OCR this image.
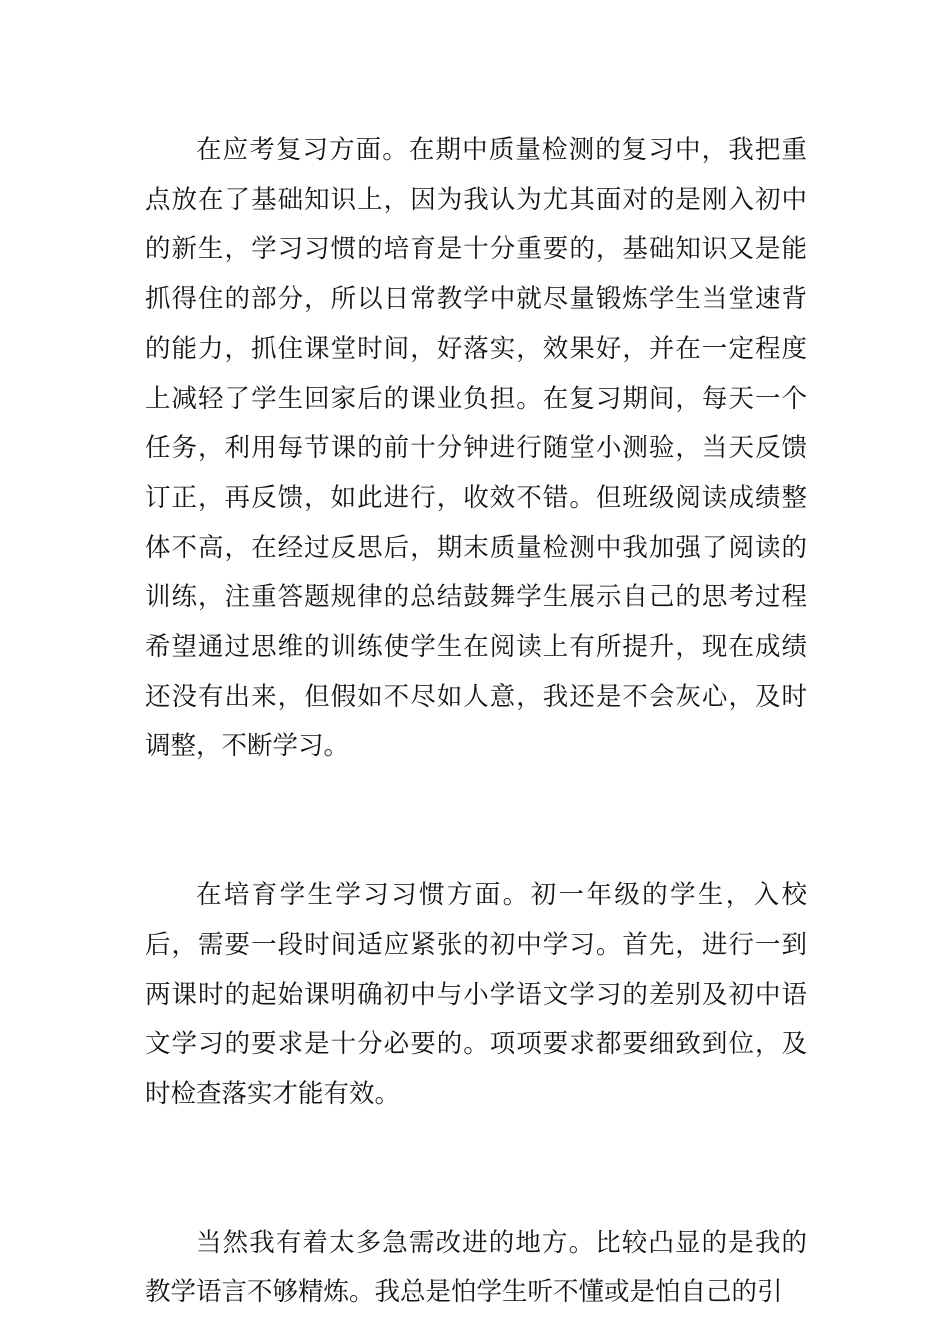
在应考复习方面。在期中质量检测的复习中，我把重点放在了基础知识上，因为我认为尤其面对的是刚入初中的新生，学习习惯的培育是十分重要的，基础知识又是能抓得住的部分，所以日常教学中就尽量锻炼学生当堂速背的能力，抓住课堂时间，好落实，效果好，并在一定程度上减轻了学生回家后的课业负担。在复习期间，每天一个任务，利用每节课的前十分钟进行随堂小测验，当天反馈订正，再反馈，如此进行，收效不错。但班级阅读成绩整体不高，在经过反思后，期末质量检测中我加强了阅读的训练，注重答题规律的总结鼓舞学生展示自己的思考过程希望通过思维的训练使学生在阅读上有所提升，现在成绩还没有出来，但假如不尽如人意，我还是不会灰心，及时调整，不断学习。

在培育学生学习习惯方面。初一年级的学生，入校后，需要一段时间适应紧张的初中学习。首先，进行一到两课时的起始课明确初中与小学语文学习的差别及初中语文学习的要求是十分必要的。项项要求都要细致到位，及时检查落实才能有效。

当然我有着太多急需改进的地方。比较凸显的是我的教学语言不够精炼。我总是怕学生听不懂或是怕自己的引
